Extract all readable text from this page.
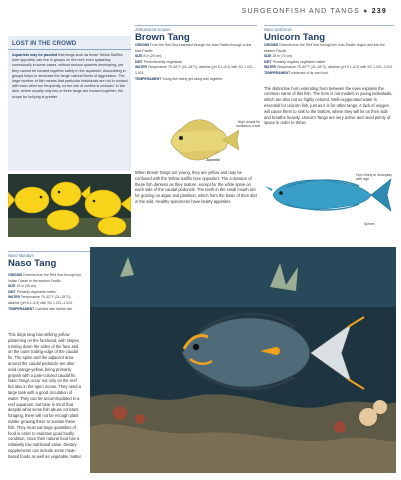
SURGEONFISH AND TANGS ● 239
LOST IN THE CROWD
Aquarists may be puzzled that tangs such as these Yellow Sailfins (see opposite) can live in groups on the reef, even spawning communally in some cases, without serious quarrels developing, yet they cannot be housed together safely in the aquarium. Associating in groups helps to decrease the tangs' natural levels of aggression. The large number of fish means that particular individuals are not in contact with each other too frequently, so the risk of conflict is reduced. In the tank, where usually only two or three tangs are housed together, the scope for bullying is greater.
Zebrasoma scopas
Brown Tang
ORIGINS From the Red Sea eastward through the Indo-Pacific through to the east Pacific.
SIZE 8 in (20 cm).
DIET Predominantly vegetarian.
WATER Temperature 75–82°F (24–28°C); alkaline (pH 8.1–8.3) with SG 1.021–1.024.
TEMPERAMENT Young fish rarely get along well together.
High dorsal fin combines a sail
Juvenile
When Brown Tangs are young, they are yellow and may be confused with the Yellow Sailfin (see opposite). The coloration of these fish darkens as they mature, except for the white spine on each side of the caudal peduncle. The teeth in the small mouth are for grazing on algae and plankton, which form the basis of their diet in the wild. Healthy specimens have hearty appetites.
Naso unicornis
Unicorn Tang
ORIGINS Extends from the Red Sea through the Indo-Pacific region and into the eastern Pacific.
SIZE 28 in (70 cm).
DIET Primarily requires vegetable matter.
WATER Temperature 75–82°F (24–28°C); alkaline (pH 8.1–8.3) with SG 1.021–1.024.
TEMPERAMENT Intolerant of its own kind.
The distinctive horn extending from between the eyes explains the common name of this fish. The horn is not evident in young individuals, which are also not so highly colored. Well-oxygenated water is essential for unicorn fish, just as it is for other tangs. A lack of oxygen will cause them to sink to the bottom, where they will lie on their side and breathe heavily. Unicorn Tangs are very active and need plenty of space in order to thrive.
Horn likely to downplay with age
Spines
Naso lituratus
Naso Tang
ORIGINS Extends from the Red Sea through the Indian Ocean to the eastern Pacific.
SIZE 18 in (45 cm).
DIET Primarily vegetable matter.
WATER Temperature 75–82°F (24–28°C); alkaline (pH 8.1–8.3) with SG 1.021–1.024.
TEMPERAMENT Coexists with similar fish.
This large tang has striking yellow patterning on the forehead, with stripes running down the sides of the face and on the outer trailing edge of the caudal fin. The spine and the adjacent area around the caudal peduncle are also vivid orange-yellow, being primarily grayish with a pale-colored caudal fin. Naso Tangs occur not only on the reef but also in the open ocean. They need a large tank with a good circulation of water. They can be accommodated in a reef aquarium, but bear in mind that despite what some fish abuse constant foraging, there will not be enough plant matter growing there to sustain these fish. They must eat large quantities of food in order to maintain good bodily condition, since their natural food has a relatively low nutritional value. Dietary supplements can include some meat-based foods as well as vegetable matter.
